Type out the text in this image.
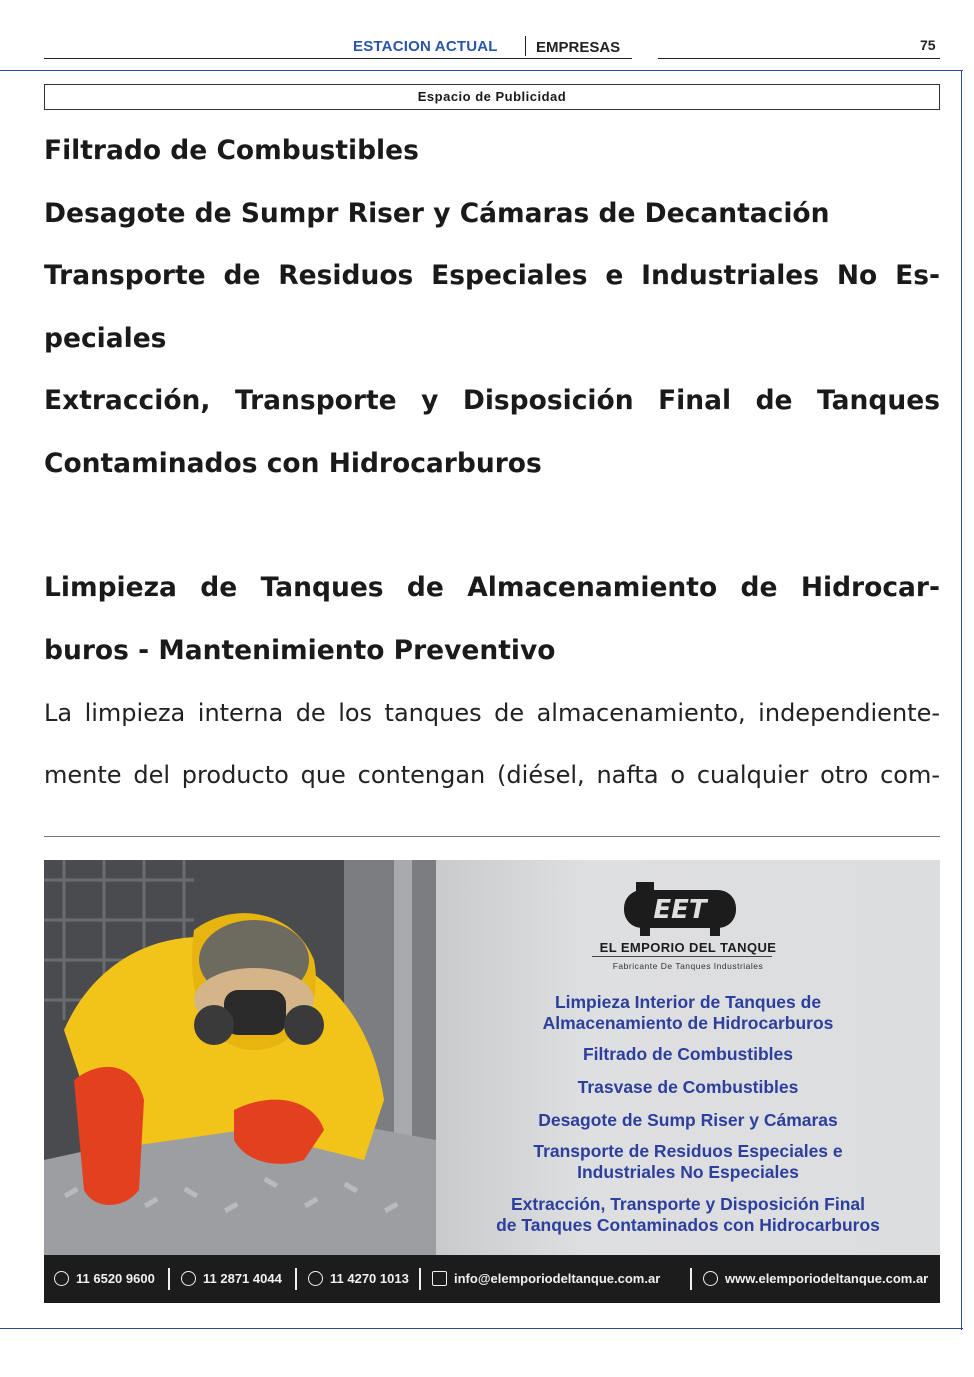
ESTACION ACTUAL	EMPRESAS	75
Espacio de Publicidad

Filtrado de Combustibles

Desagote de Sumpr Riser y Cámaras de Decantación

Transporte de Residuos Especiales e Industriales No Es-

peciales

Extracción, Transporte y Disposición Final de Tanques

Contaminados con Hidrocarburos

Limpieza de Tanques de Almacenamiento de Hidrocar-

buros - Mantenimiento Preventivo

La limpieza interna de los tanques de almacenamiento, independiente-

mente del producto que contengan (diésel, nafta o cualquier otro com-

EET
EL EMPORIO DEL TANQUE
Fabricante De Tanques Industriales
Limpieza Interior de Tanques de
Almacenamiento de Hidrocarburos
Filtrado de Combustibles
Trasvase de Combustibles
Desagote de Sump Riser y Cámaras
Transporte de Residuos Especiales e
Industriales No Especiales
Extracción, Transporte y Disposición Final
de Tanques Contaminados con Hidrocarburos
11 6520 9600	11 2871 4044	11 4270 1013	info@elemporiodeltanque.com.ar	www.elemporiodeltanque.com.ar
